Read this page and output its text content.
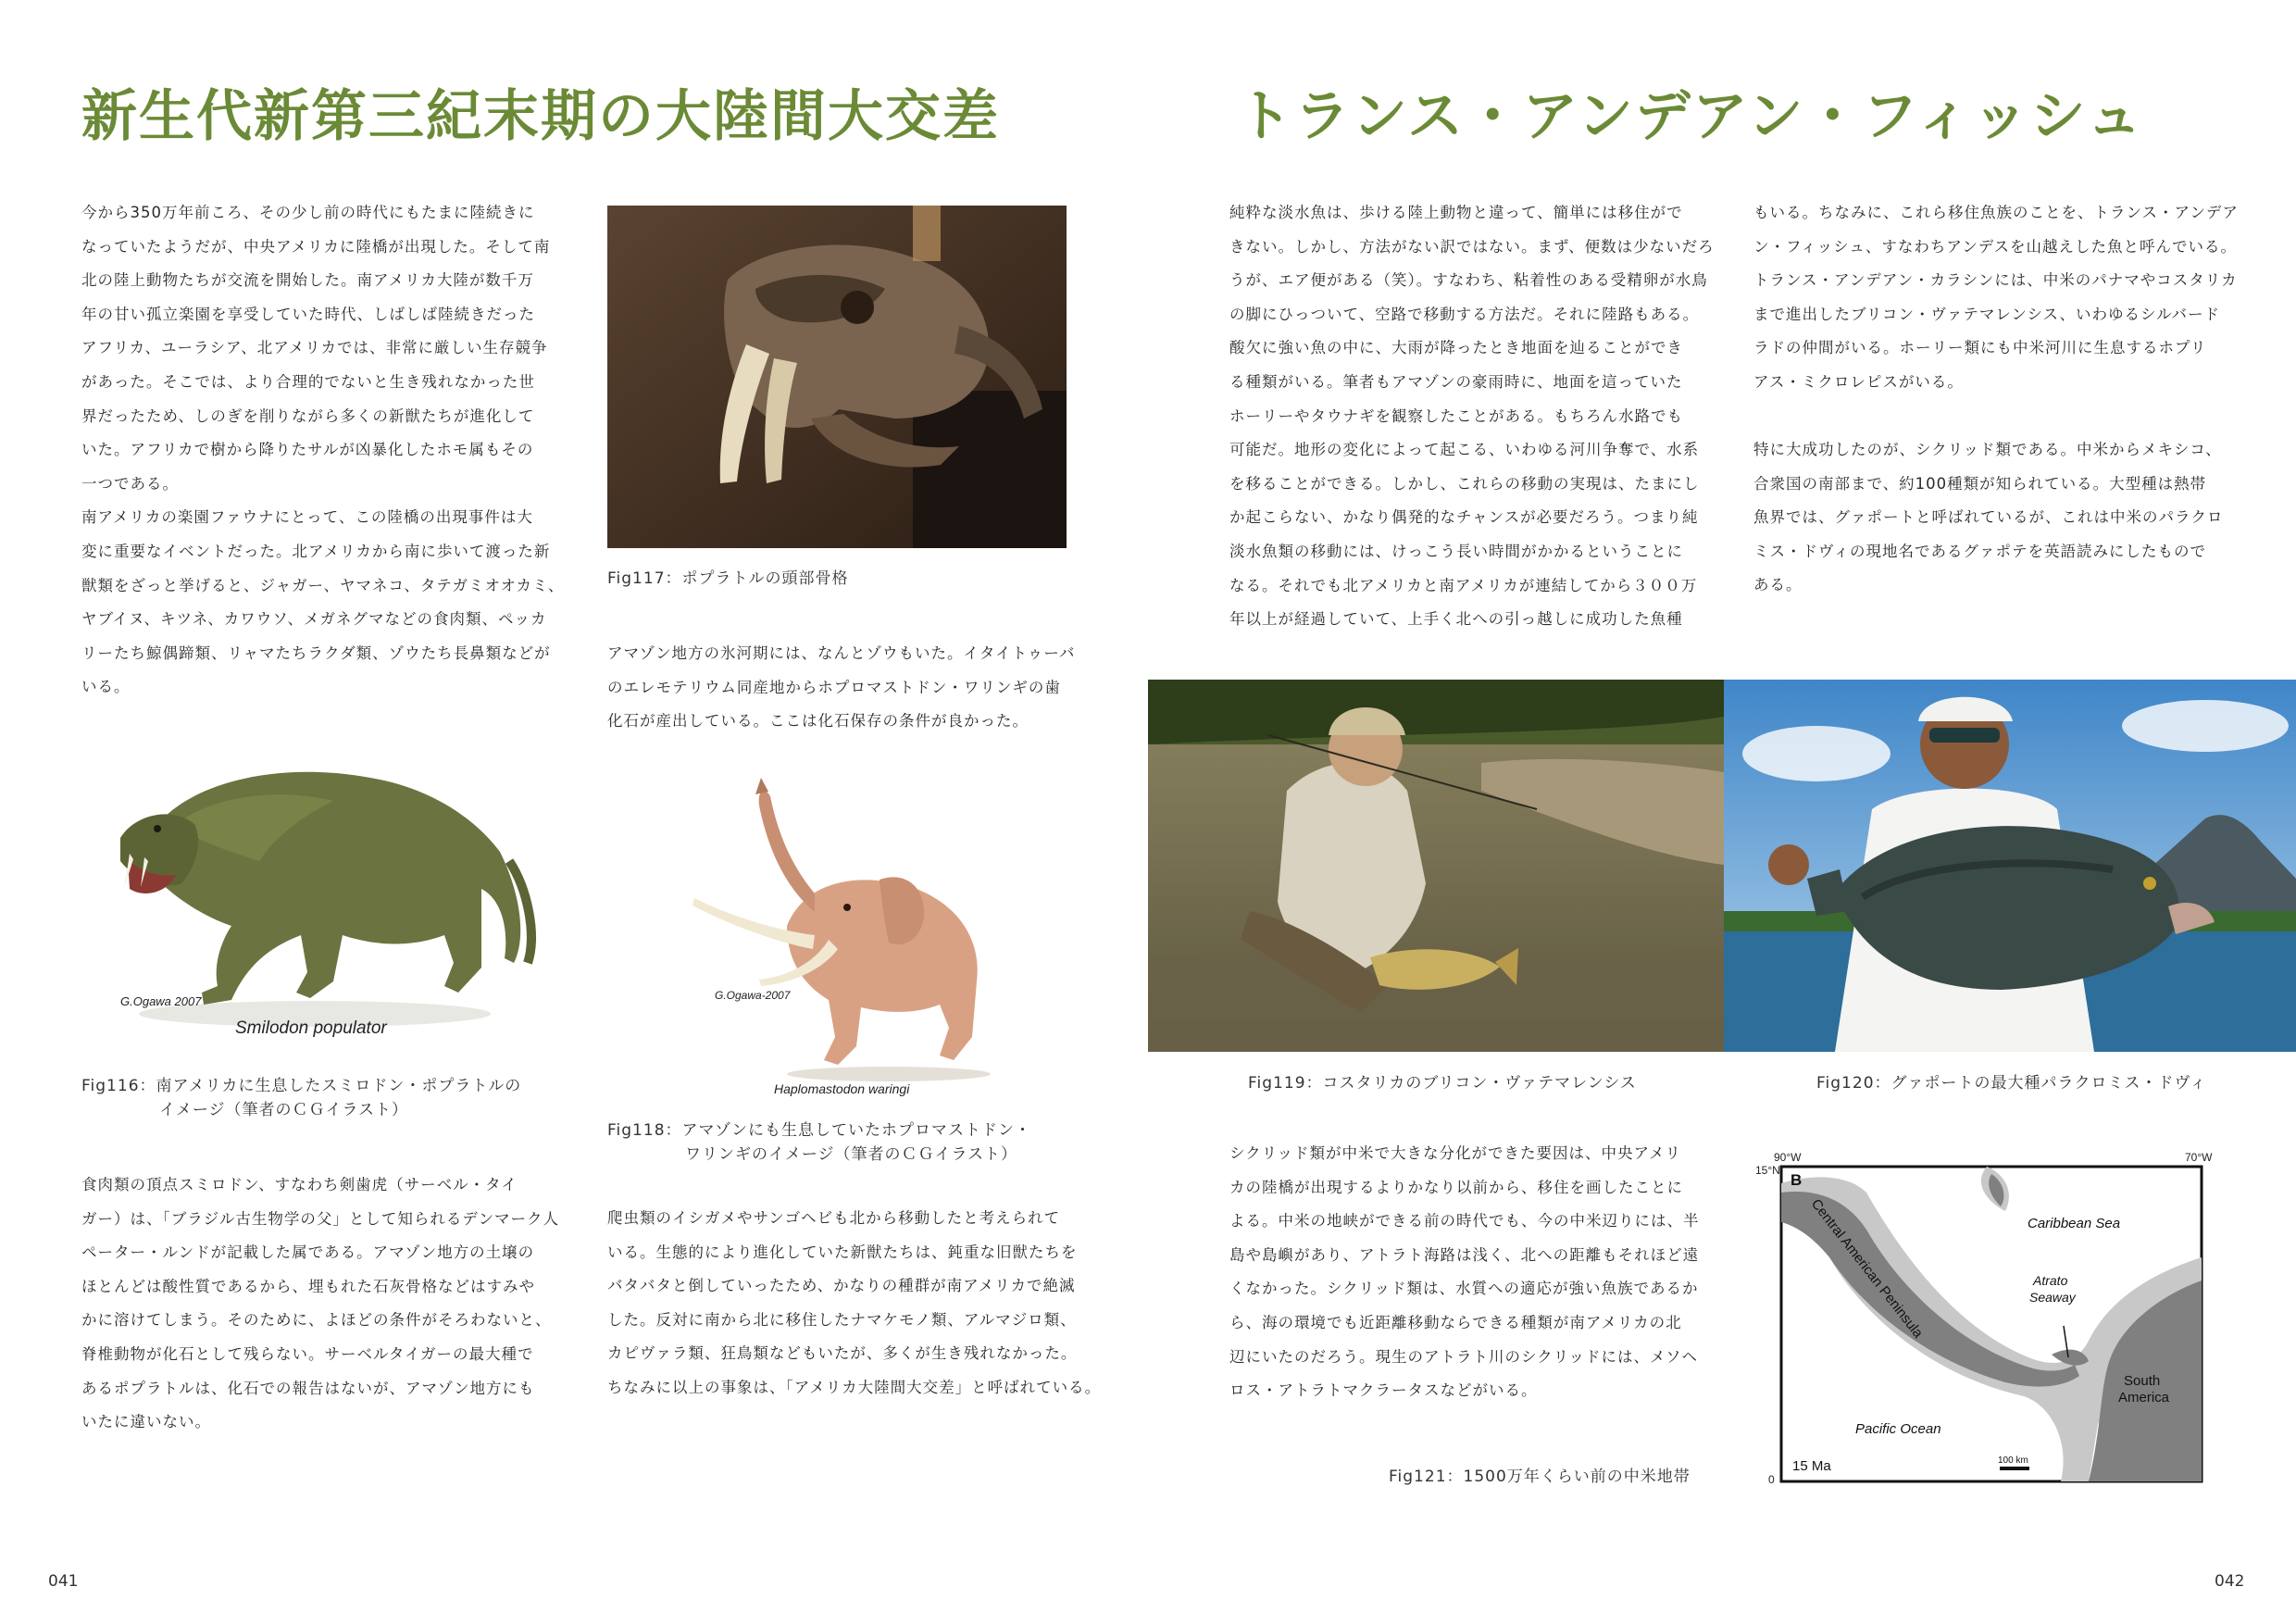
新生代新第三紀末期の大陸間大交差

今から350万年前ころ、その少し前の時代にもたまに陸続きに

なっていたようだが、中央アメリカに陸橋が出現した。そして南

北の陸上動物たちが交流を開始した。南アメリカ大陸が数千万

年の甘い孤立楽園を享受していた時代、しばしば陸続きだった

アフリカ、ユーラシア、北アメリカでは、非常に厳しい生存競争

があった。そこでは、より合理的でないと生き残れなかった世

界だったため、しのぎを削りながら多くの新獣たちが進化して

いた。アフリカで樹から降りたサルが凶暴化したホモ属もその

一つである。

南アメリカの楽園ファウナにとって、この陸橋の出現事件は大

変に重要なイベントだった。北アメリカから南に歩いて渡った新

獣類をざっと挙げると、ジャガー、ヤマネコ、タテガミオオカミ、

ヤブイヌ、キツネ、カワウソ、メガネグマなどの食肉類、ペッカ

リーたち鯨偶蹄類、リャマたちラクダ類、ゾウたち長鼻類などが

いる。

G.Ogawa 2007
Smilodon populator
Fig116：南アメリカに生息したスミロドン・ポプラトルの
イメージ（筆者のＣＧイラスト）

食肉類の頂点スミロドン、すなわち剣歯虎（サーベル・タイ

ガー）は、「ブラジル古生物学の父」として知られるデンマーク人

ペーター・ルンドが記載した属である。アマゾン地方の土壌の

ほとんどは酸性質であるから、埋もれた石灰骨格などはすみや

かに溶けてしまう。そのために、よほどの条件がそろわないと、

脊椎動物が化石として残らない。サーベルタイガーの最大種で

あるポプラトルは、化石での報告はないが、アマゾン地方にも

いたに違いない。

Fig117：ポプラトルの頭部骨格

アマゾン地方の氷河期には、なんとゾウもいた。イタイトゥーバ

のエレモテリウム同産地からホプロマストドン・ワリンギの歯

化石が産出している。ここは化石保存の条件が良かった。

G.Ogawa-2007
Haplomastodon waringi
Fig118：アマゾンにも生息していたホプロマストドン・
ワリンギのイメージ（筆者のＣＧイラスト）

爬虫類のイシガメやサンゴヘビも北から移動したと考えられて

いる。生態的により進化していた新獣たちは、鈍重な旧獣たちを

バタバタと倒していったため、かなりの種群が南アメリカで絶滅

した。反対に南から北に移住したナマケモノ類、アルマジロ類、

カピヴァラ類、狂鳥類などもいたが、多くが生き残れなかった。

ちなみに以上の事象は、「アメリカ大陸間大交差」と呼ばれている。

041
トランス・アンデアン・フィッシュ

純粋な淡水魚は、歩ける陸上動物と違って、簡単には移住がで

きない。しかし、方法がない訳ではない。まず、便数は少ないだろ

うが、エア便がある（笑）。すなわち、粘着性のある受精卵が水鳥

の脚にひっついて、空路で移動する方法だ。それに陸路もある。

酸欠に強い魚の中に、大雨が降ったとき地面を辿ることができ

る種類がいる。筆者もアマゾンの豪雨時に、地面を這っていた

ホーリーやタウナギを観察したことがある。もちろん水路でも

可能だ。地形の変化によって起こる、いわゆる河川争奪で、水系

を移ることができる。しかし、これらの移動の実現は、たまにし

か起こらない、かなり偶発的なチャンスが必要だろう。つまり純

淡水魚類の移動には、けっこう長い時間がかかるということに

なる。それでも北アメリカと南アメリカが連結してから３００万

年以上が経過していて、上手く北への引っ越しに成功した魚種

もいる。ちなみに、これら移住魚族のことを、トランス・アンデア

ン・フィッシュ、すなわちアンデスを山越えした魚と呼んでいる。

トランス・アンデアン・カラシンには、中米のパナマやコスタリカ

まで進出したブリコン・ヴァテマレンシス、いわゆるシルバード

ラドの仲間がいる。ホーリー類にも中米河川に生息するホプリ

アス・ミクロレピスがいる。

特に大成功したのが、シクリッド類である。中米からメキシコ、

合衆国の南部まで、約100種類が知られている。大型種は熱帯

魚界では、グァポートと呼ばれているが、これは中米のパラクロ

ミス・ドヴィの現地名であるグァポテを英語読みにしたもので

ある。

Fig119：コスタリカのブリコン・ヴァテマレンシス	Fig120：グァポートの最大種パラクロミス・ドヴィ

シクリッド類が中米で大きな分化ができた要因は、中央アメリ

カの陸橋が出現するよりかなり以前から、移住を画したことに

よる。中米の地峡ができる前の時代でも、今の中米辺りには、半

島や島嶼があり、アトラト海路は浅く、北への距離もそれほど遠

くなかった。シクリッド類は、水質への適応が強い魚族であるか

ら、海の環境でも近距離移動ならできる種類が南アメリカの北

辺にいたのだろう。現生のアトラト川のシクリッドには、メソヘ

ロス・アトラトマクラータスなどがいる。

Fig121：1500万年くらい前の中米地帯
90°W	70°W
15°N
0
B
Caribbean Sea
Atrato
Seaway
Central American Peninsula
South
America
Pacific Ocean
15 Ma	100 km
042
